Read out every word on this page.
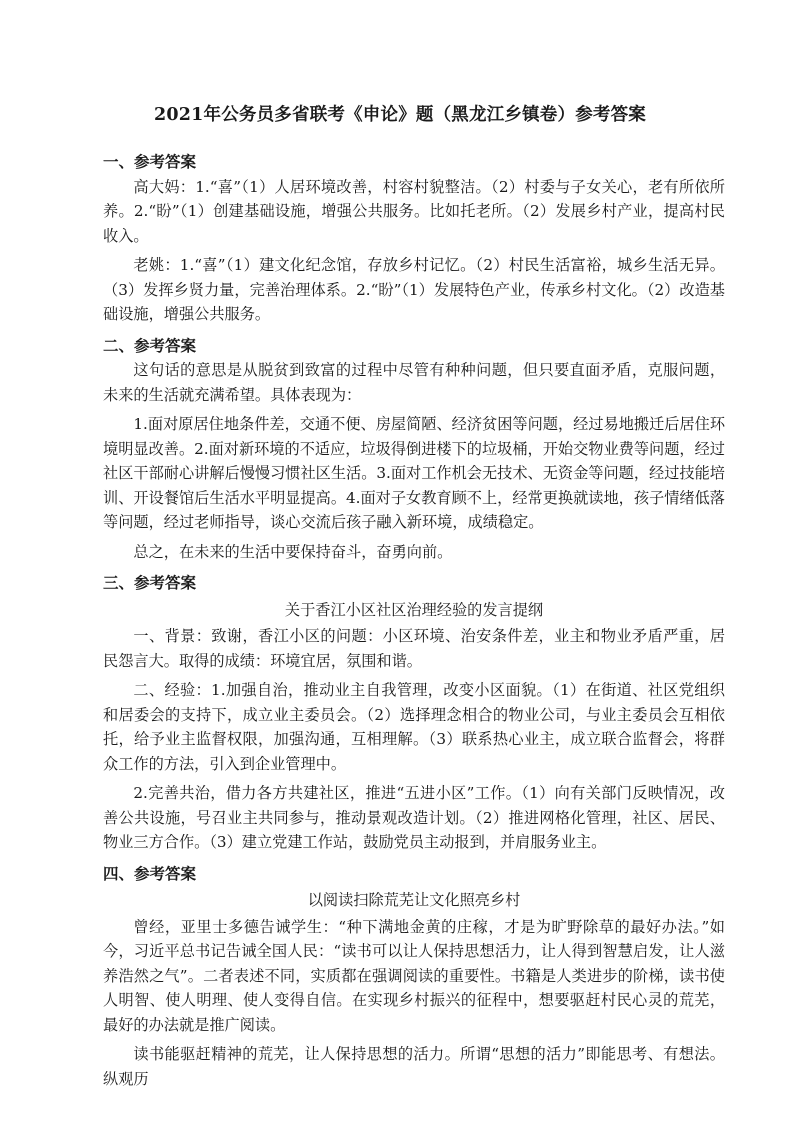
2021年公务员多省联考《申论》题（黑龙江乡镇卷）参考答案
一、参考答案

高大妈：1.“喜”（1）人居环境改善，村容村貌整洁。（2）村委与子女关心，老有所依所养。2.“盼”（1）创建基础设施，增强公共服务。比如托老所。（2）发展乡村产业，提高村民收入。

老姚：1.“喜”（1）建文化纪念馆，存放乡村记忆。（2）村民生活富裕，城乡生活无异。（3）发挥乡贤力量，完善治理体系。2.“盼”（1）发展特色产业，传承乡村文化。（2）改造基础设施，增强公共服务。

二、参考答案

这句话的意思是从脱贫到致富的过程中尽管有种种问题，但只要直面矛盾，克服问题，未来的生活就充满希望。具体表现为：

1.面对原居住地条件差，交通不便、房屋简陋、经济贫困等问题，经过易地搬迁后居住环境明显改善。2.面对新环境的不适应，垃圾得倒进楼下的垃圾桶，开始交物业费等问题，经过社区干部耐心讲解后慢慢习惯社区生活。3.面对工作机会无技术、无资金等问题，经过技能培训、开设餐馆后生活水平明显提高。4.面对子女教育顾不上，经常更换就读地，孩子情绪低落等问题，经过老师指导，谈心交流后孩子融入新环境，成绩稳定。

总之，在未来的生活中要保持奋斗，奋勇向前。

三、参考答案
关于香江小区社区治理经验的发言提纲

一、背景：致谢，香江小区的问题：小区环境、治安条件差，业主和物业矛盾严重，居民怨言大。取得的成绩：环境宜居，氛围和谐。

二、经验：1.加强自治，推动业主自我管理，改变小区面貌。（1）在街道、社区党组织和居委会的支持下，成立业主委员会。（2）选择理念相合的物业公司，与业主委员会互相依托，给予业主监督权限，加强沟通，互相理解。（3）联系热心业主，成立联合监督会，将群众工作的方法，引入到企业管理中。

2.完善共治，借力各方共建社区，推进“五进小区”工作。（1）向有关部门反映情况，改善公共设施，号召业主共同参与，推动景观改造计划。（2）推进网格化管理，社区、居民、物业三方合作。（3）建立党建工作站，鼓励党员主动报到，并肩服务业主。

四、参考答案
以阅读扫除荒芜让文化照亮乡村

曾经，亚里士多德告诫学生：“种下满地金黄的庄稼，才是为旷野除草的最好办法。”如今，习近平总书记告诫全国人民：“读书可以让人保持思想活力，让人得到智慧启发，让人滋养浩然之气”。二者表述不同，实质都在强调阅读的重要性。书籍是人类进步的阶梯，读书使人明智、使人明理、使人变得自信。在实现乡村振兴的征程中，想要驱赶村民心灵的荒芜，最好的办法就是推广阅读。

读书能驱赶精神的荒芜，让人保持思想的活力。所谓“思想的活力”即能思考、有想法。纵观历
